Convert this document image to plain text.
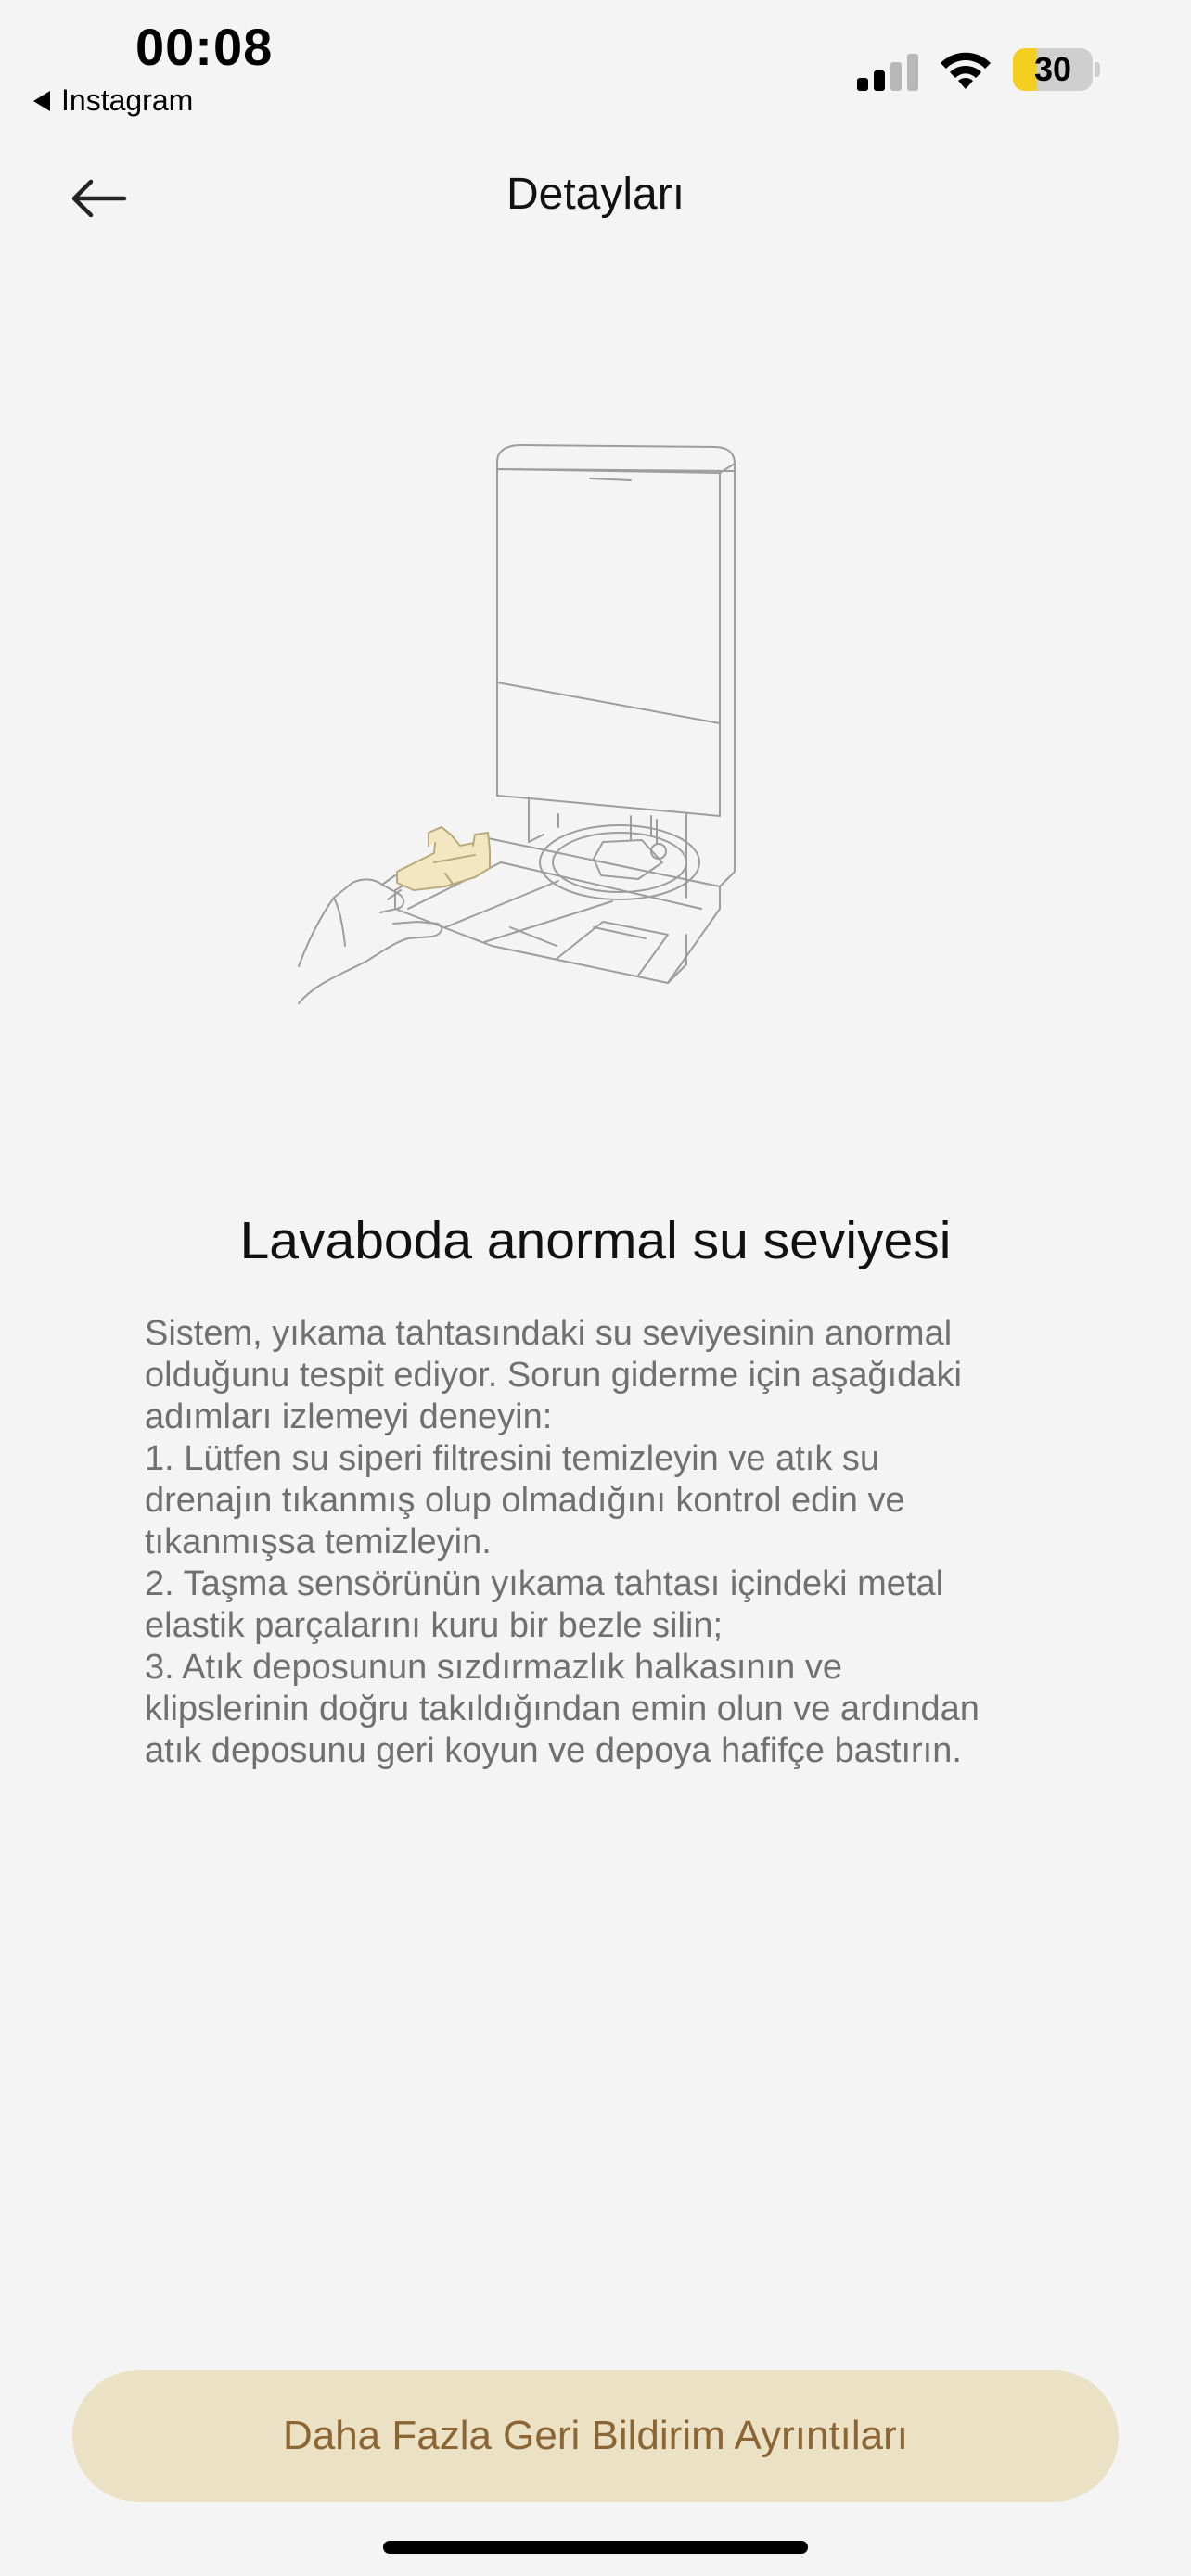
00:08
Instagram
30
Detayları
Lavaboda anormal su seviyesi

Sistem, yıkama tahtasındaki su seviyesinin anormal

olduğunu tespit ediyor. Sorun giderme için aşağıdaki

adımları izlemeyi deneyin:

1. Lütfen su siperi filtresini temizleyin ve atık su

drenajın tıkanmış olup olmadığını kontrol edin ve

tıkanmışsa temizleyin.

2. Taşma sensörünün yıkama tahtası içindeki metal

elastik parçalarını kuru bir bezle silin;

3. Atık deposunun sızdırmazlık halkasının ve

klipslerinin doğru takıldığından emin olun ve ardından

atık deposunu geri koyun ve depoya hafifçe bastırın.

Daha Fazla Geri Bildirim Ayrıntıları
